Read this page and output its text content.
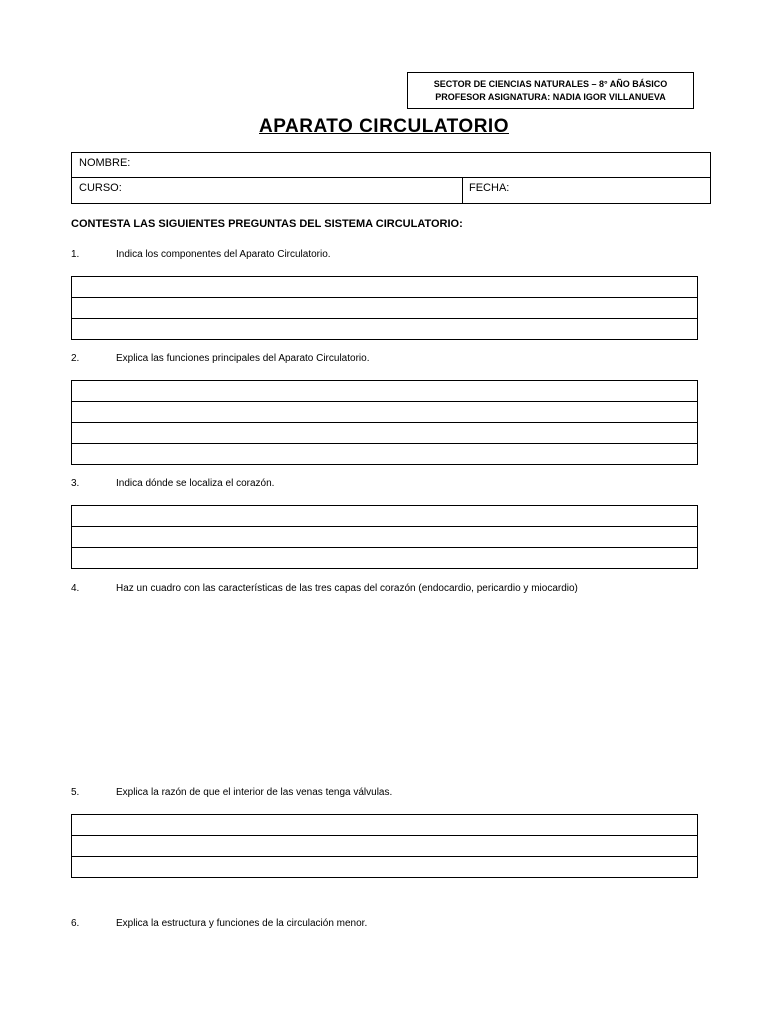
SECTOR DE CIENCIAS NATURALES – 8° AÑO BÁSICO
PROFESOR ASIGNATURA: NADIA IGOR VILLANUEVA
APARATO CIRCULATORIO
NOMBRE:
CURSO:	FECHA:
CONTESTA LAS SIGUIENTES PREGUNTAS DEL SISTEMA CIRCULATORIO:
1.	Indica los componentes del Aparato Circulatorio.
2.	Explica las funciones principales del Aparato Circulatorio.
3.	Indica dónde se localiza el corazón.
4.	Haz un cuadro con las características de las tres capas del corazón (endocardio, pericardio y miocardio)
5.	Explica la razón de que el interior de las venas tenga válvulas.
6.	Explica la estructura y funciones de la circulación menor.
